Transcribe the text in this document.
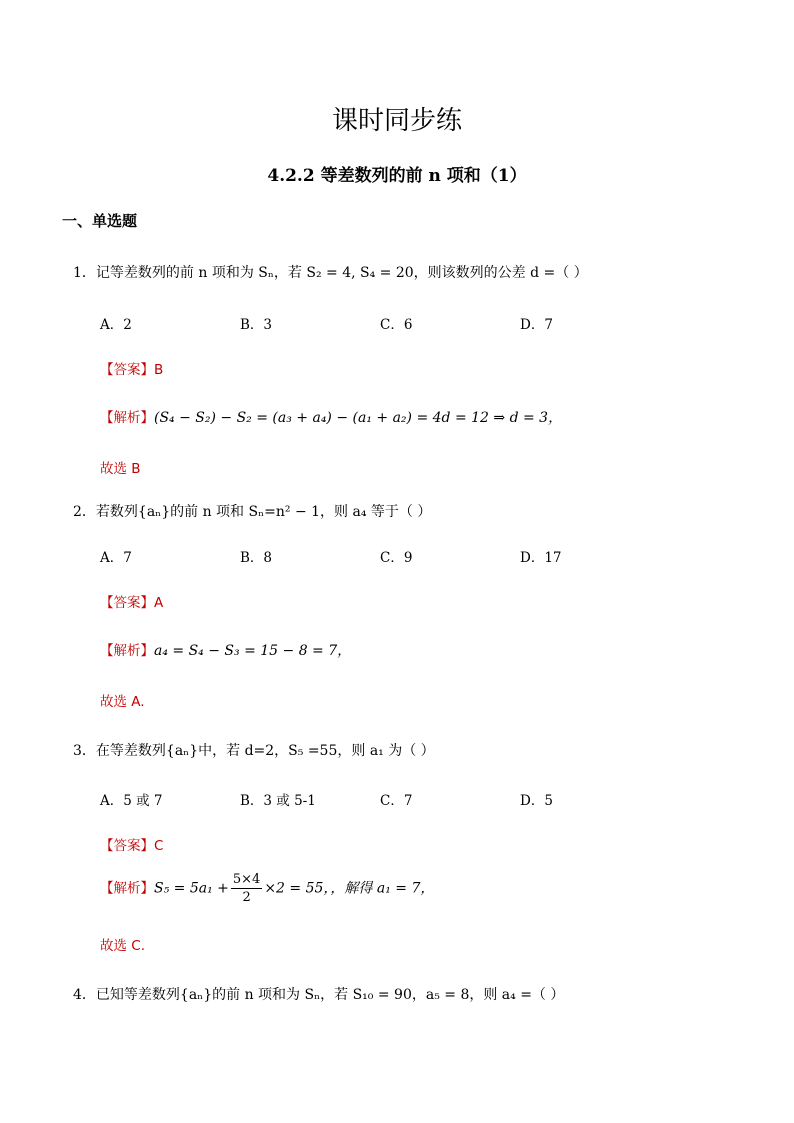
课时同步练
4.2.2 等差数列的前 n 项和（1）
一、单选题
1．记等差数列的前 n 项和为 Sₙ，若 S₂ = 4, S₄ = 20，则该数列的公差 d =（ ）
A．2	B．3	C．6	D．7
【答案】B
【解析】(S₄ − S₂) − S₂ = (a₃ + a₄) − (a₁ + a₂) = 4d = 12 ⇒ d = 3，
故选 B
2．若数列{aₙ}的前 n 项和 Sₙ=n² − 1，则 a₄ 等于（ ）
A．7	B．8	C．9	D．17
【答案】A
【解析】a₄ = S₄ − S₃ = 15 − 8 = 7，
故选 A.
3．在等差数列{aₙ}中，若 d=2，S₅ =55，则 a₁ 为（ ）
A．5 或 7	B．3 或 5-1	C．7	D．5
【答案】C
【解析】$S_5 = 5a_1 + \frac{5\times 4}{2} \times 2 = 55$，，解得 a₁ = 7，
故选 C.
4．已知等差数列{aₙ}的前 n 项和为 Sₙ，若 S₁₀ = 90，a₅ = 8，则 a₄ =（ ）
